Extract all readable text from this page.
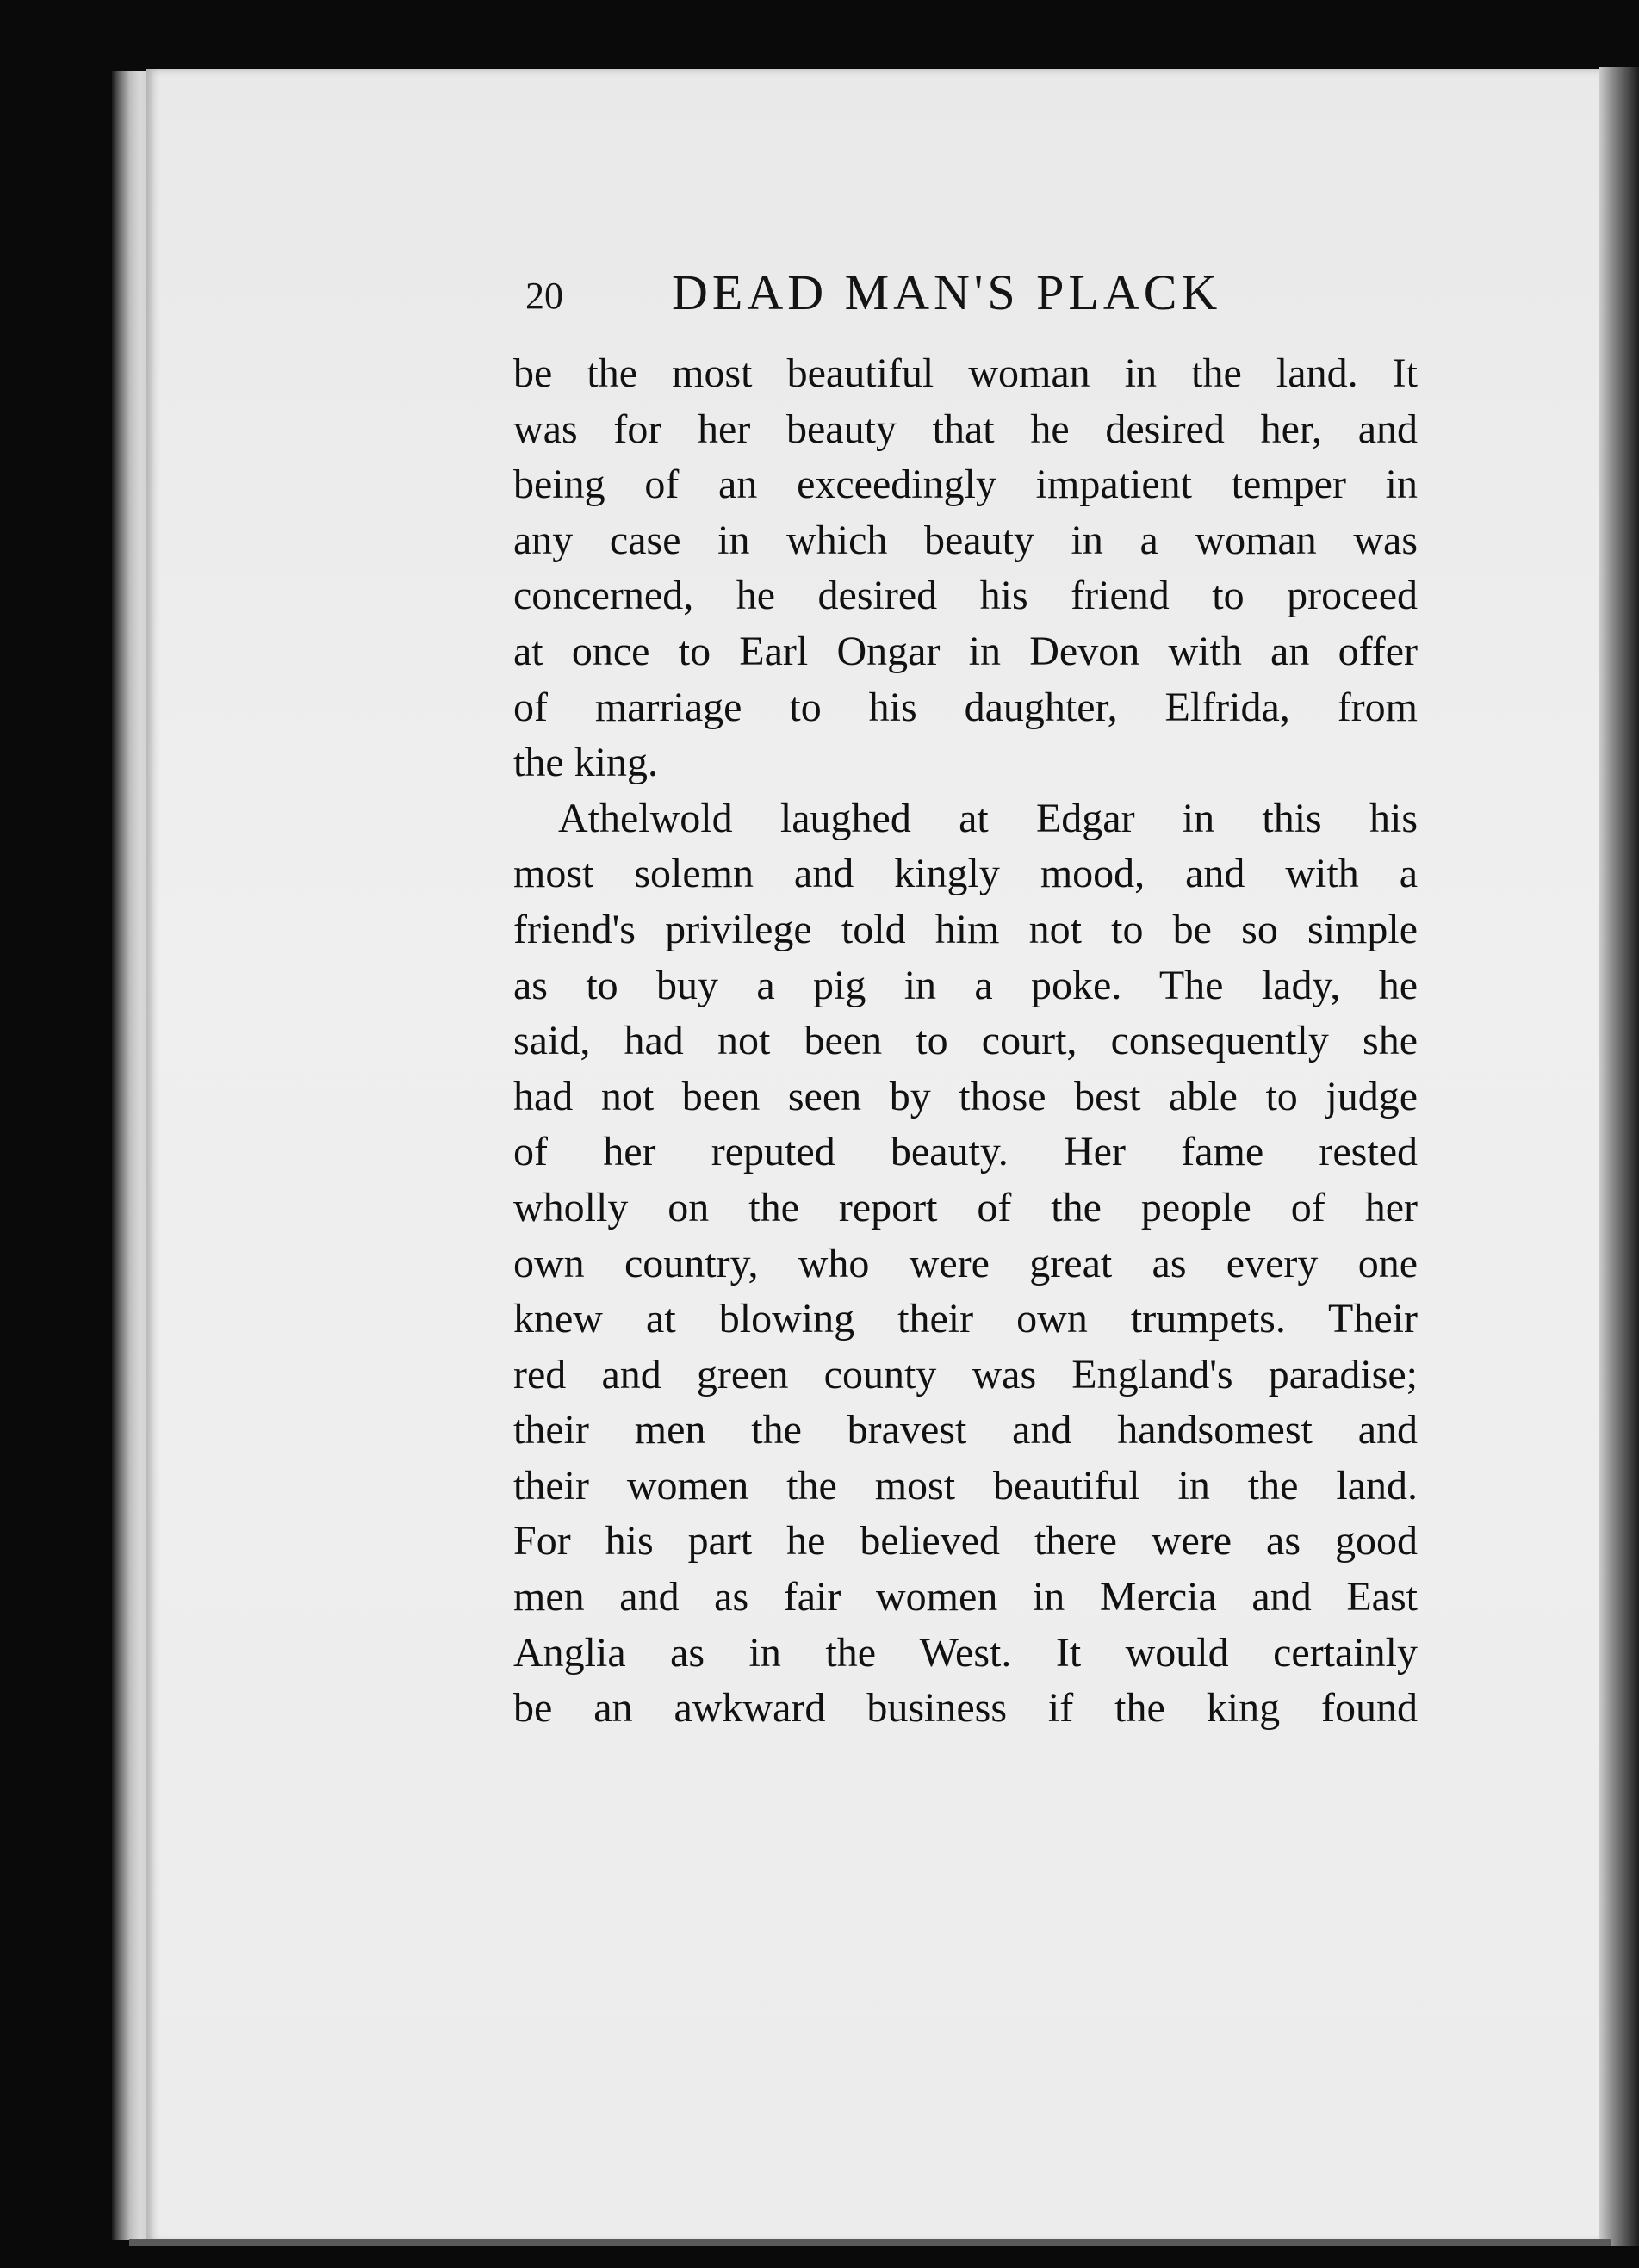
20 DEAD MAN'S PLACK
be the most beautiful woman in the land. It
was for her beauty that he desired her, and
being of an exceedingly impatient temper in
any case in which beauty in a woman was
concerned, he desired his friend to proceed
at once to Earl Ongar in Devon with an offer
of marriage to his daughter, Elfrida, from
the king.
Athelwold laughed at Edgar in this his
most solemn and kingly mood, and with a
friend's privilege told him not to be so simple
as to buy a pig in a poke. The lady, he
said, had not been to court, consequently she
had not been seen by those best able to judge
of her reputed beauty. Her fame rested
wholly on the report of the people of her
own country, who were great as every one
knew at blowing their own trumpets. Their
red and green county was England's paradise;
their men the bravest and handsomest and
their women the most beautiful in the land.
For his part he believed there were as good
men and as fair women in Mercia and East
Anglia as in the West. It would certainly
be an awkward business if the king found
